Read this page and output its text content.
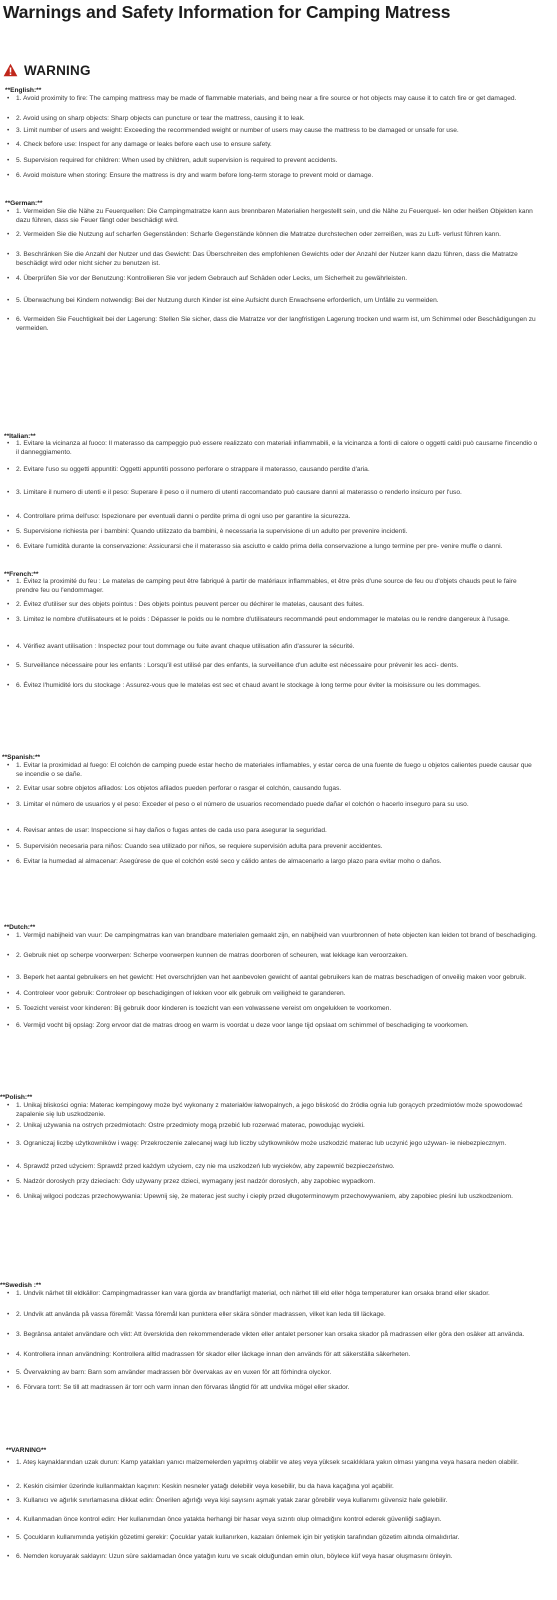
Warnings and Safety Information for Camping Matress
WARNING
**English:**
• 1. Avoid proximity to fire: The camping mattress may be made of flammable materials, and being near a fire source or hot objects may cause it to catch fire or get damaged.
• 2. Avoid using on sharp objects: Sharp objects can puncture or tear the mattress, causing it to leak.
• 3. Limit number of users and weight: Exceeding the recommended weight or number of users may cause the mattress to be damaged or unsafe for use.
• 4. Check before use: Inspect for any damage or leaks before each use to ensure safety.
• 5. Supervision required for children: When used by children, adult supervision is required to prevent accidents.
• 6. Avoid moisture when storing: Ensure the mattress is dry and warm before long-term storage to prevent mold or damage.
**German:**
• 1. Vermeiden Sie die Nähe zu Feuerquellen: Die Campingmatratze kann aus brennbaren Materialien hergestellt sein, und die Nähe zu Feuerquel- len oder heißen Objekten kann dazu führen, dass sie Feuer fängt oder beschädigt wird.
• 2. Vermeiden Sie die Nutzung auf scharfen Gegenständen: Scharfe Gegenstände können die Matratze durchstechen oder zerreißen, was zu Luft- verlust führen kann.
• 3. Beschränken Sie die Anzahl der Nutzer und das Gewicht: Das Überschreiten des empfohlenen Gewichts oder der Anzahl der Nutzer kann dazu führen, dass die Matratze beschädigt wird oder nicht sicher zu benutzen ist.
• 4. Überprüfen Sie vor der Benutzung: Kontrollieren Sie vor jedem Gebrauch auf Schäden oder Lecks, um Sicherheit zu gewährleisten.
• 5. Überwachung bei Kindern notwendig: Bei der Nutzung durch Kinder ist eine Aufsicht durch Erwachsene erforderlich, um Unfälle zu vermeiden.
• 6. Vermeiden Sie Feuchtigkeit bei der Lagerung: Stellen Sie sicher, dass die Matratze vor der langfristigen Lagerung trocken und warm ist, um Schimmel oder Beschädigungen zu vermeiden.
**Italian:**
• 1. Evitare la vicinanza al fuoco: Il materasso da campeggio può essere realizzato con materiali infiammabili, e la vicinanza a fonti di calore o oggetti caldi può causarne l'incendio o il danneggiamento.
• 2. Evitare l'uso su oggetti appuntiti: Oggetti appuntiti possono perforare o strappare il materasso, causando perdite d'aria.
• 3. Limitare il numero di utenti e il peso: Superare il peso o il numero di utenti raccomandato può causare danni al materasso o renderlo insicuro per l'uso.
• 4. Controllare prima dell'uso: Ispezionare per eventuali danni o perdite prima di ogni uso per garantire la sicurezza.
• 5. Supervisione richiesta per i bambini: Quando utilizzato da bambini, è necessaria la supervisione di un adulto per prevenire incidenti.
• 6. Evitare l'umidità durante la conservazione: Assicurarsi che il materasso sia asciutto e caldo prima della conservazione a lungo termine per pre- venire muffe o danni.
**French:**
• 1. Évitez la proximité du feu : Le matelas de camping peut être fabriqué à partir de matériaux inflammables, et être près d'une source de feu ou d'objets chauds peut le faire prendre feu ou l'endommager.
• 2. Évitez d'utiliser sur des objets pointus : Des objets pointus peuvent percer ou déchirer le matelas, causant des fuites.
• 3. Limitez le nombre d'utilisateurs et le poids : Dépasser le poids ou le nombre d'utilisateurs recommandé peut endommager le matelas ou le rendre dangereux à l'usage.
• 4. Vérifiez avant utilisation : Inspectez pour tout dommage ou fuite avant chaque utilisation afin d'assurer la sécurité.
• 5. Surveillance nécessaire pour les enfants : Lorsqu'il est utilisé par des enfants, la surveillance d'un adulte est nécessaire pour prévenir les acci- dents.
• 6. Évitez l'humidité lors du stockage : Assurez-vous que le matelas est sec et chaud avant le stockage à long terme pour éviter la moisissure ou les dommages.
**Spanish:**
• 1. Evitar la proximidad al fuego: El colchón de camping puede estar hecho de materiales inflamables, y estar cerca de una fuente de fuego u objetos calientes puede causar que se incendie o se dañe.
• 2. Evitar usar sobre objetos afilados: Los objetos afilados pueden perforar o rasgar el colchón, causando fugas.
• 3. Limitar el número de usuarios y el peso: Exceder el peso o el número de usuarios recomendado puede dañar el colchón o hacerlo inseguro para su uso.
• 4. Revisar antes de usar: Inspeccione si hay daños o fugas antes de cada uso para asegurar la seguridad.
• 5. Supervisión necesaria para niños: Cuando sea utilizado por niños, se requiere supervisión adulta para prevenir accidentes.
• 6. Evitar la humedad al almacenar: Asegúrese de que el colchón esté seco y cálido antes de almacenarlo a largo plazo para evitar moho o daños.
**Dutch:**
• 1. Vermijd nabijheid van vuur: De campingmatras kan van brandbare materialen gemaakt zijn, en nabijheid van vuurbronnen of hete objecten kan leiden tot brand of beschadiging.
• 2. Gebruik niet op scherpe voorwerpen: Scherpe voorwerpen kunnen de matras doorboren of scheuren, wat lekkage kan veroorzaken.
• 3. Beperk het aantal gebruikers en het gewicht: Het overschrijden van het aanbevolen gewicht of aantal gebruikers kan de matras beschadigen of onveilig maken voor gebruik.
• 4. Controleer voor gebruik: Controleer op beschadigingen of lekken voor elk gebruik om veiligheid te garanderen.
• 5. Toezicht vereist voor kinderen: Bij gebruik door kinderen is toezicht van een volwassene vereist om ongelukken te voorkomen.
• 6. Vermijd vocht bij opslag: Zorg ervoor dat de matras droog en warm is voordat u deze voor lange tijd opslaat om schimmel of beschadiging te voorkomen.
**Polish:**
• 1. Unikaj bliskości ognia: Materac kempingowy może być wykonany z materiałów łatwopalnych, a jego bliskość do źródła ognia lub gorących przedmiotów może spowodować zapalenie się lub uszkodzenie.
• 2. Unikaj używania na ostrych przedmiotach: Ostre przedmioty mogą przebić lub rozerwać materac, powodując wycieki.
• 3. Ograniczaj liczbę użytkowników i wagę: Przekroczenie zalecanej wagi lub liczby użytkowników może uszkodzić materac lub uczynić jego używan- ie niebezpiecznym.
• 4. Sprawdź przed użyciem: Sprawdź przed każdym użyciem, czy nie ma uszkodzeń lub wycieków, aby zapewnić bezpieczeństwo.
• 5. Nadzór dorosłych przy dzieciach: Gdy używany przez dzieci, wymagany jest nadzór dorosłych, aby zapobiec wypadkom.
• 6. Unikaj wilgoci podczas przechowywania: Upewnij się, że materac jest suchy i ciepły przed długoterminowym przechowywaniem, aby zapobiec pleśni lub uszkodzeniom.
**Swedish :**
• 1. Undvik närhet till eldkällor: Campingmadrasser kan vara gjorda av brandfarligt material, och närhet till eld eller höga temperaturer kan orsaka brand eller skador.
• 2. Undvik att använda på vassa föremål: Vassa föremål kan punktera eller skära sönder madrassen, vilket kan leda till läckage.
• 3. Begränsa antalet användare och vikt: Att överskrida den rekommenderade vikten eller antalet personer kan orsaka skador på madrassen eller göra den osäker att använda.
• 4. Kontrollera innan användning: Kontrollera alltid madrassen för skador eller läckage innan den används för att säkerställa säkerheten.
• 5. Övervakning av barn: Barn som använder madrassen bör övervakas av en vuxen för att förhindra olyckor.
• 6. Förvara torrt: Se till att madrassen är torr och varm innan den förvaras långtid för att undvika mögel eller skador.
**VARNING**
• 1. Ateş kaynaklarından uzak durun: Kamp yatakları yanıcı malzemelerden yapılmış olabilir ve ateş veya yüksek sıcaklıklara yakın olması yangına veya hasara neden olabilir.
• 2. Keskin cisimler üzerinde kullanmaktan kaçının: Keskin nesneler yatağı delebilir veya kesebilir, bu da hava kaçağına yol açabilir.
• 3. Kullanıcı ve ağırlık sınırlamasına dikkat edin: Önerilen ağırlığı veya kişi sayısını aşmak yatak zarar görebilir veya kullanımı güvensiz hale gelebilir.
• 4. Kullanmadan önce kontrol edin: Her kullanımdan önce yatakta herhangi bir hasar veya sızıntı olup olmadığını kontrol ederek güvenliği sağlayın.
• 5. Çocukların kullanımında yetişkin gözetimi gerekir: Çocuklar yatak kullanırken, kazaları önlemek için bir yetişkin tarafından gözetim altında olmalıdırlar.
• 6. Nemden koruyarak saklayın: Uzun süre saklamadan önce yatağın kuru ve sıcak olduğundan emin olun, böylece küf veya hasar oluşmasını önleyin.
